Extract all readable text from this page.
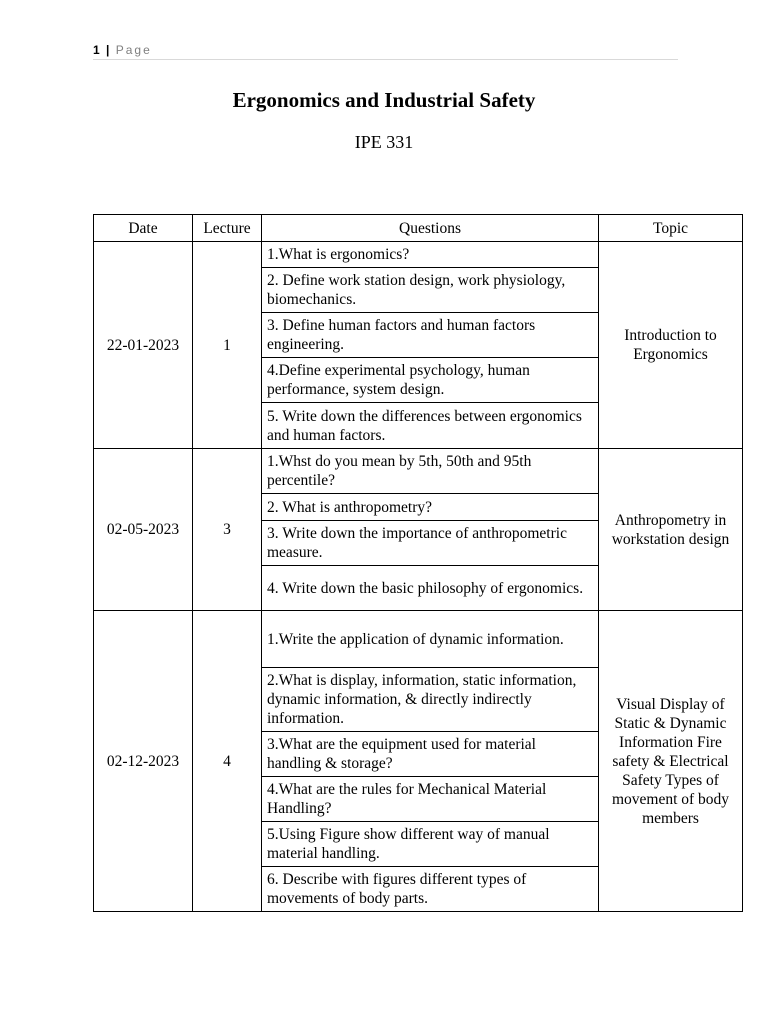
1 | Page
Ergonomics and Industrial Safety
IPE 331
Date	Lecture	Questions	Topic
22-01-2023	1	1.What is ergonomics?	Introduction to Ergonomics
		2. Define work station design, work physiology, biomechanics.	
		3. Define human factors and human factors engineering.	
		4.Define experimental psychology, human performance, system design.	
		5. Write down the differences between ergonomics and human factors.	
02-05-2023	3	1.Whst do you mean by 5th, 50th and 95th percentile?	Anthropometry in workstation design
		2. What is anthropometry?	
		3. Write down the importance of anthropometric measure.	
		4. Write down the basic philosophy of ergonomics.	
02-12-2023	4	1.Write the application of dynamic information.	Visual Display of Static & Dynamic Information Fire safety & Electrical Safety Types of movement of body members
		2.What is display, information, static information, dynamic information, & directly indirectly information.	
		3.What are the equipment used for material handling & storage?	
		4.What are the rules for Mechanical Material Handling?	
		5.Using Figure show different way of manual material handling.	
		6. Describe with figures different types of movements of body parts.	
